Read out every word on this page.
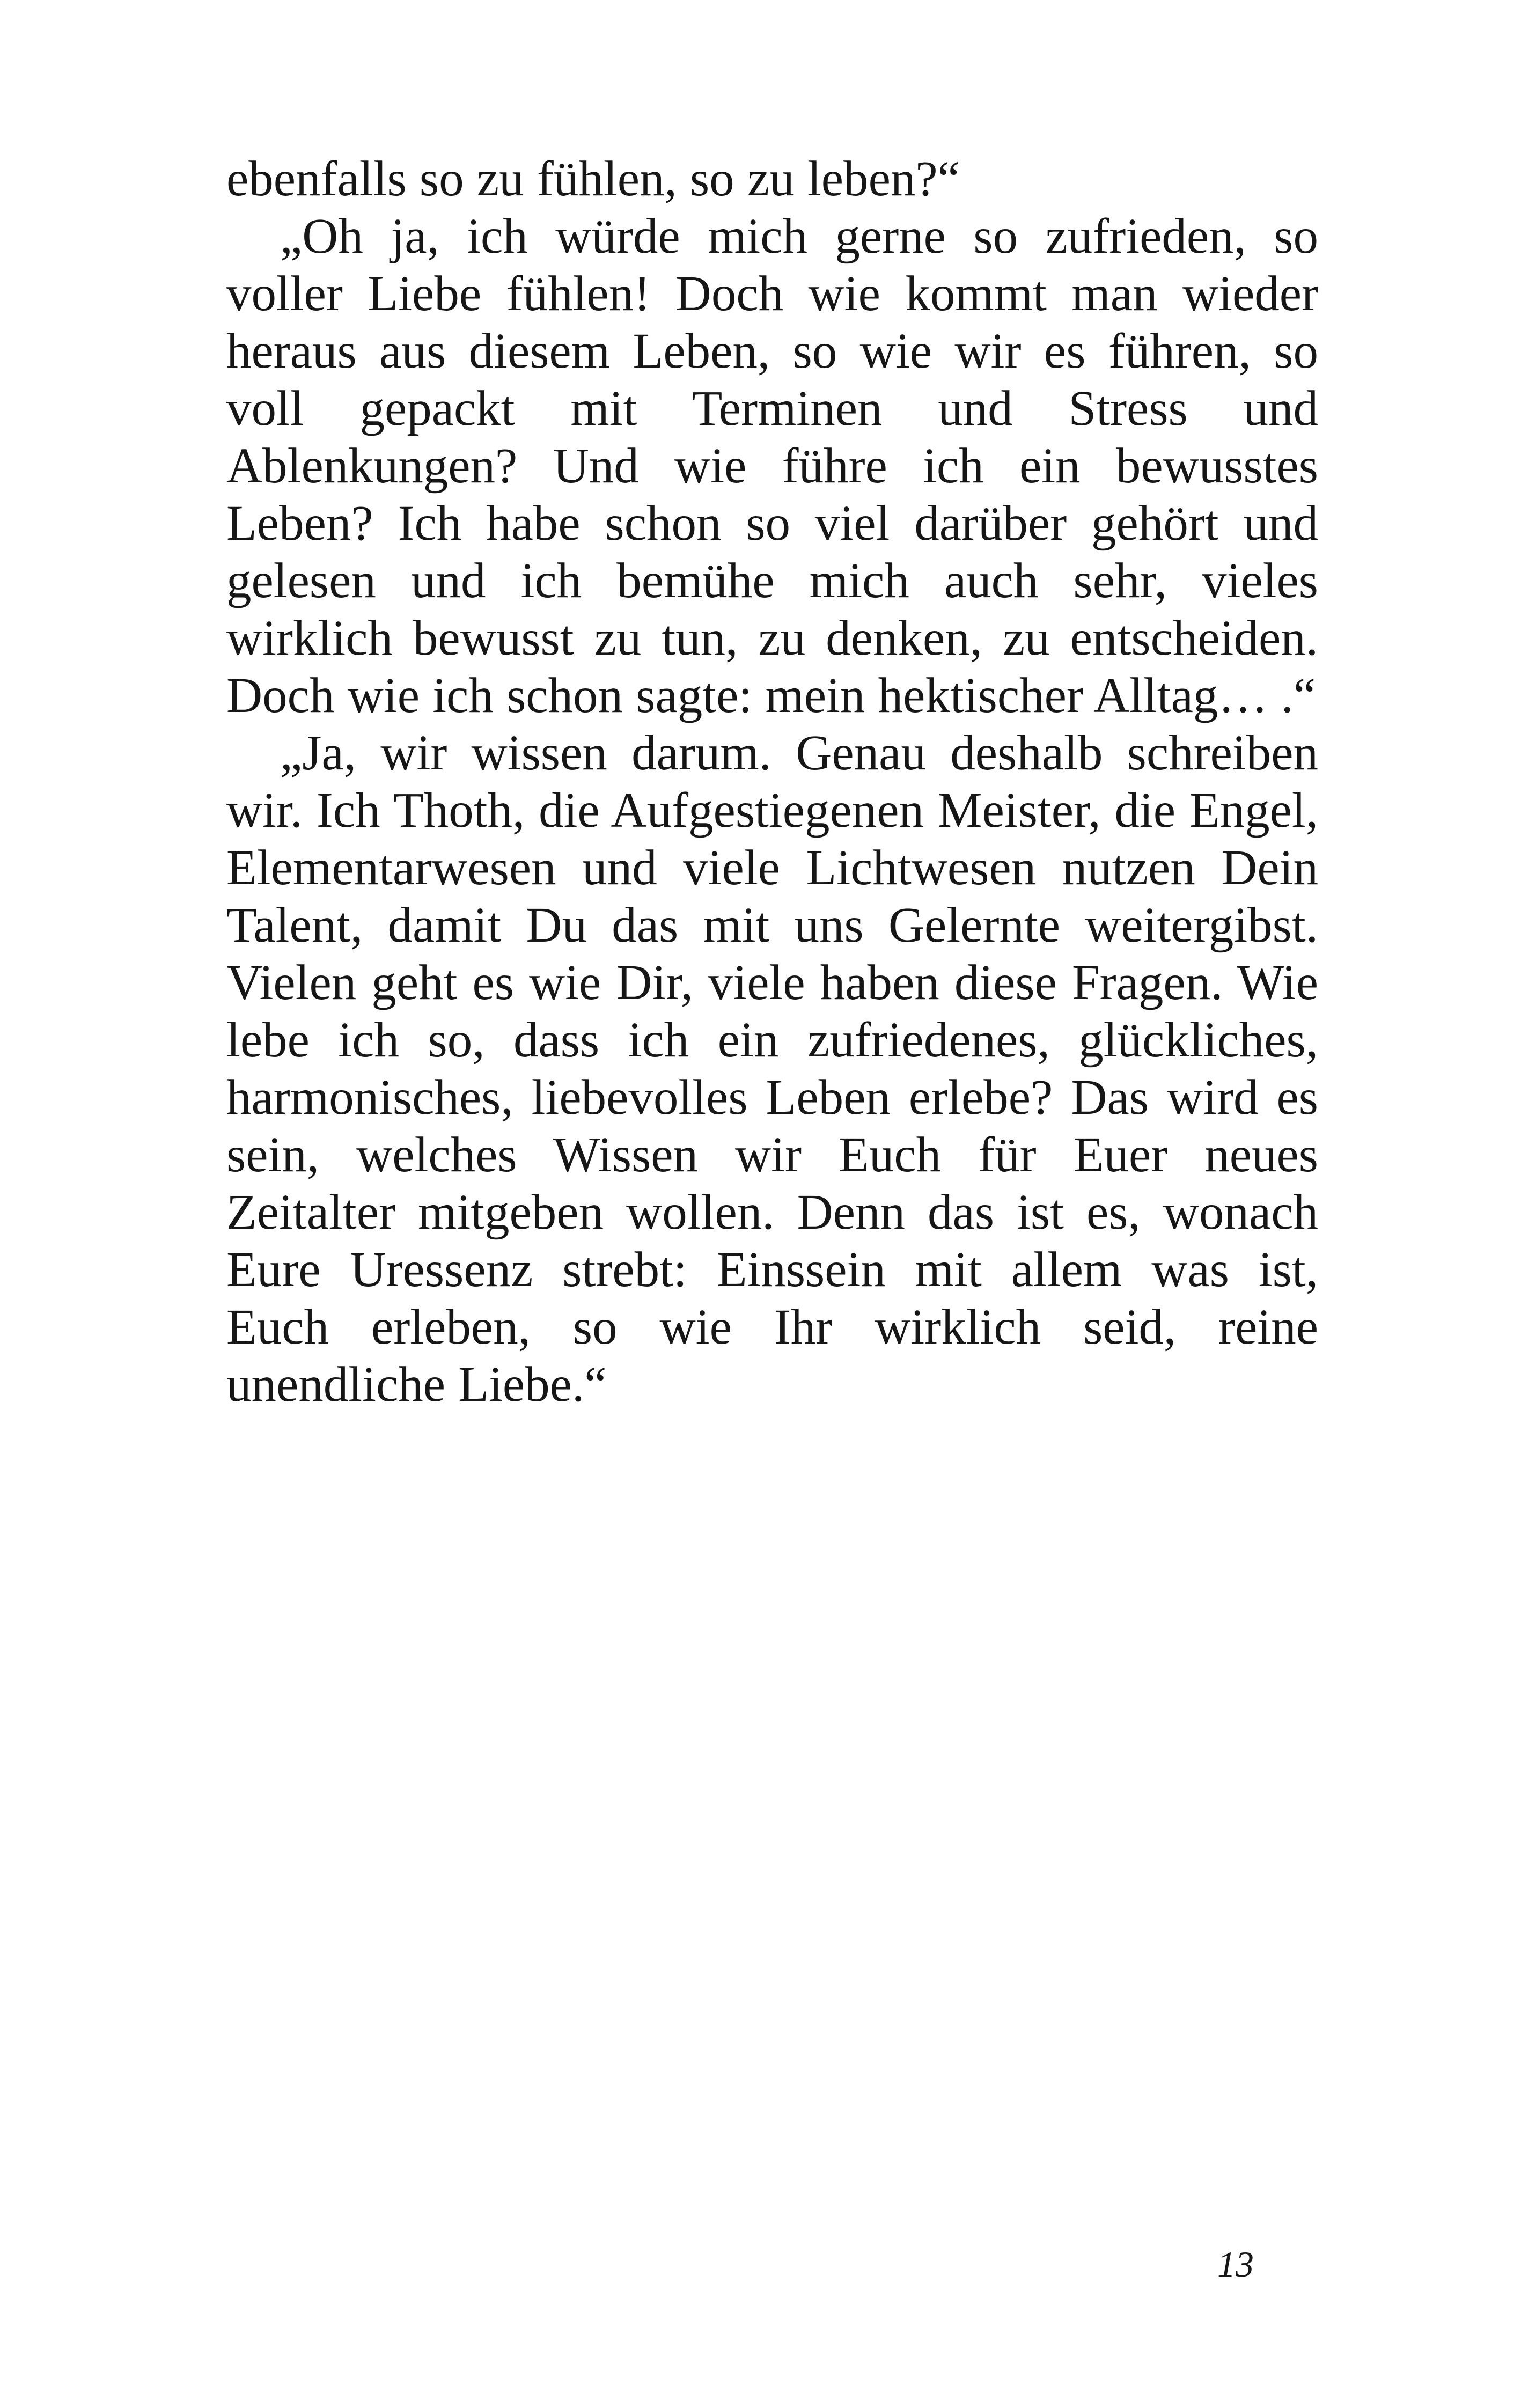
ebenfalls so zu fühlen, so zu leben?“

„Oh ja, ich würde mich gerne so zufrieden, so voller Liebe fühlen! Doch wie kommt man wieder heraus aus diesem Leben, so wie wir es führen, so voll gepackt mit Terminen und Stress und Ablenkungen? Und wie führe ich ein bewusstes Leben? Ich habe schon so viel darüber gehört und gelesen und ich bemühe mich auch sehr, vieles wirklich bewusst zu tun, zu denken, zu entscheiden. Doch wie ich schon sagte: mein hektischer Alltag… .“

„Ja, wir wissen darum. Genau deshalb schreiben wir. Ich Thoth, die Aufgestiegenen Meister, die Engel, Elementarwesen und viele Lichtwesen nutzen Dein Talent, damit Du das mit uns Gelernte weitergibst. Vielen geht es wie Dir, viele haben diese Fragen. Wie lebe ich so, dass ich ein zufriedenes, glückliches, harmonisches, liebevolles Leben erlebe? Das wird es sein, welches Wissen wir Euch für Euer neues Zeitalter mitgeben wollen. Denn das ist es, wonach Eure Uressenz strebt: Einssein mit allem was ist, Euch erleben, so wie Ihr wirklich seid, reine unendliche Liebe.“

13
